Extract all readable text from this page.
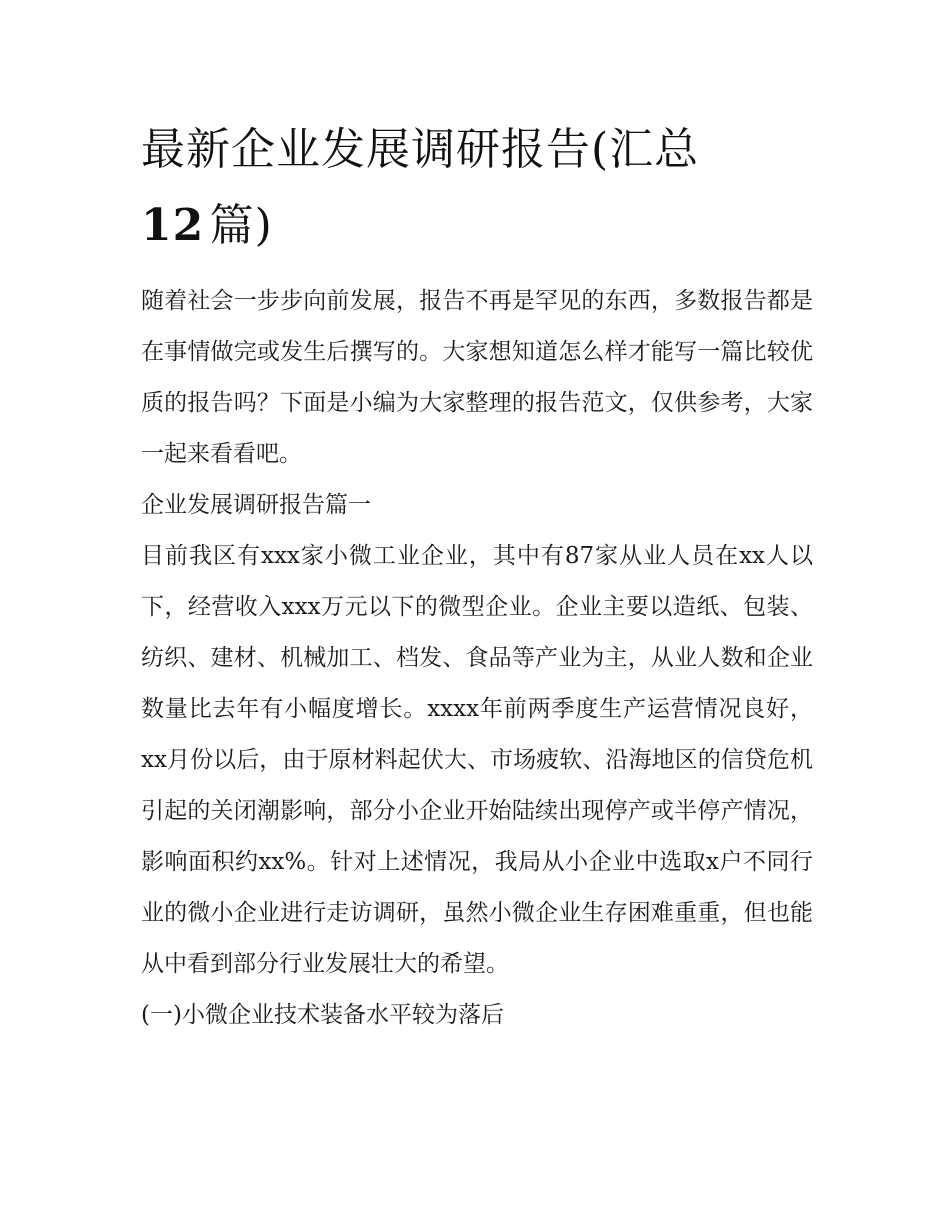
最新企业发展调研报告(汇总
12  篇)

随着社会一步步向前发展，报告不再是罕见的东西，多数报告都是在事情做完或发生后撰写的。大家想知道怎么样才能写一篇比较优质的报告吗？下面是小编为大家整理的报告范文，仅供参考，大家一起来看看吧。

企业发展调研报告篇一

目前我区有xxx家小微工业企业，其中有87家从业人员在xx人以下，经营收入xxx万元以下的微型企业。企业主要以造纸、包装、纺织、建材、机械加工、档发、食品等产业为主，从业人数和企业数量比去年有小幅度增长。xxxx年前两季度生产运营情况良好，xx月份以后，由于原材料起伏大、市场疲软、沿海地区的信贷危机引起的关闭潮影响，部分小企业开始陆续出现停产或半停产情况，影响面积约xx%。针对上述情况，我局从小企业中选取x户不同行业的微小企业进行走访调研，虽然小微企业生存困难重重，但也能从中看到部分行业发展壮大的希望。

(一)小微企业技术装备水平较为落后
